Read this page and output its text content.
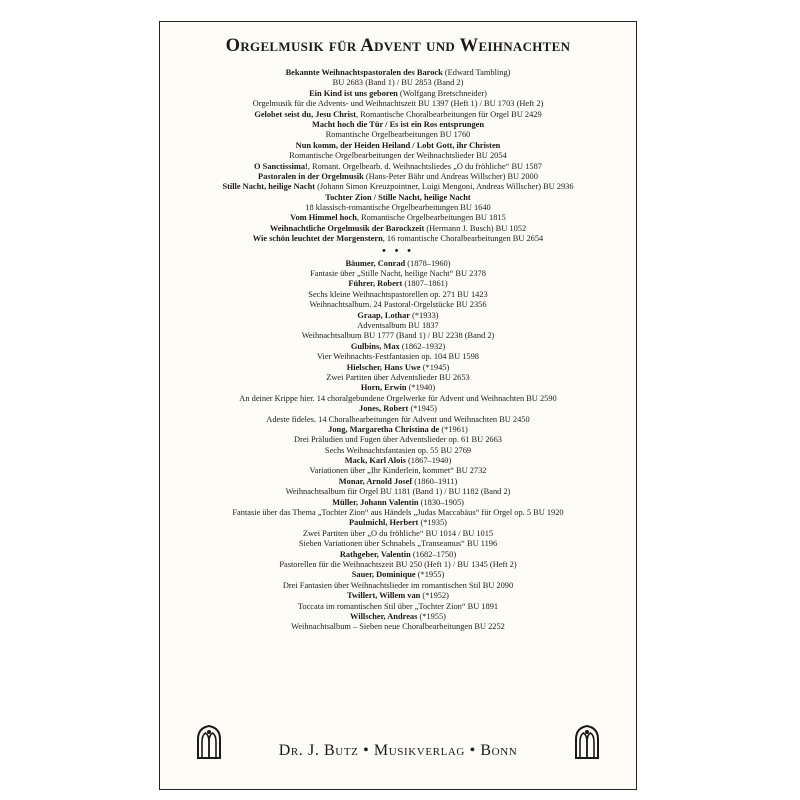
Orgelmusik für Advent und Weihnachten
Bekannte Weihnachtspastoralen des Barock (Edward Tambling)
BU 2683 (Band 1) / BU 2853 (Band 2)
Ein Kind ist uns geboren (Wolfgang Bretschneider)
Orgelmusik für die Advents- und Weihnachtszeit BU 1397 (Heft 1) / BU 1703 (Heft 2)
Gelobet seist du, Jesu Christ, Romantische Choralbearbeitungen für Orgel BU 2429
Macht hoch die Tür / Es ist ein Ros entsprungen
Romantische Orgelbearbeitungen BU 1760
Nun komm, der Heiden Heiland / Lobt Gott, ihr Christen
Romantische Orgelbearbeitungen der Weihnachtslieder BU 2054
O Sanctissima!, Romant. Orgelbearb. d. Weihnachtsliedes „O du fröhliche“ BU 1587
Pastoralen in der Orgelmusik (Hans-Peter Bähr und Andreas Willscher) BU 2000
Stille Nacht, heilige Nacht (Johann Simon Kreuzpointner, Luigi Mengoni, Andreas Willscher) BU 2936
Tochter Zion / Stille Nacht, heilige Nacht
18 klassisch-romantische Orgelbearbeitungen BU 1640
Vom Himmel hoch, Romantische Orgelbearbeitungen BU 1815
Weihnachtliche Orgelmusik der Barockzeit (Hermann J. Busch) BU 1052
Wie schön leuchtet der Morgenstern, 16 romantische Choralbearbeitungen BU 2654
• • •
Bäumer, Conrad (1878–1960)
Fantasie über „Stille Nacht, heilige Nacht“ BU 2378
Führer, Robert (1807–1861)
Sechs kleine Weihnachtspastorellen op. 271 BU 1423
Weihnachtsalbum. 24 Pastoral-Orgelstücke BU 2356
Graap, Lothar (*1933)
Adventsalbum BU 1837
Weihnachtsalbum BU 1777 (Band 1) / BU 2238 (Band 2)
Gulbins, Max (1862–1932)
Vier Weihnachts-Festfantasien op. 104 BU 1598
Hielscher, Hans Uwe (*1945)
Zwei Partiten über Adventslieder BU 2653
Horn, Erwin (*1940)
An deiner Krippe hier. 14 choralgebundene Orgelwerke für Advent und Weihnachten BU 2590
Jones, Robert (*1945)
Adeste fideles. 14 Choralbearbeitungen für Advent und Weihnachten BU 2450
Jong, Margaretha Christina de (*1961)
Drei Präludien und Fugen über Adventslieder op. 61 BU 2663
Sechs Weihnachtsfantasien op. 55 BU 2769
Mack, Karl Alois (1867–1940)
Variationen über „Ihr Kinderlein, kommet“ BU 2732
Monar, Arnold Josef (1860–1911)
Weihnachtsalbum für Orgel BU 1181 (Band 1) / BU 1182 (Band 2)
Müller, Johann Valentin (1830–1905)
Fantasie über das Thema „Tochter Zion“ aus Händels „Judas Maccabäus“ für Orgel op. 5 BU 1920
Paulmichl, Herbert (*1935)
Zwei Partiten über „O du fröhliche“ BU 1014 / BU 1015
Sieben Variationen über Schnabels „Transeamus“ BU 1196
Rathgeber, Valentin (1682–1750)
Pastorellen für die Weihnachtszeit BU 250 (Heft 1) / BU 1345 (Heft 2)
Sauer, Dominique (*1955)
Drei Fantasien über Weihnachtslieder im romantischen Stil BU 2090
Twillert, Willem van (*1952)
Toccata im romantischen Stil über „Tochter Zion“ BU 1891
Willscher, Andreas (*1955)
Weihnachtsalbum – Sieben neue Choralbearbeitungen BU 2252
Dr. J. Butz • Musikverlag • Bonn
